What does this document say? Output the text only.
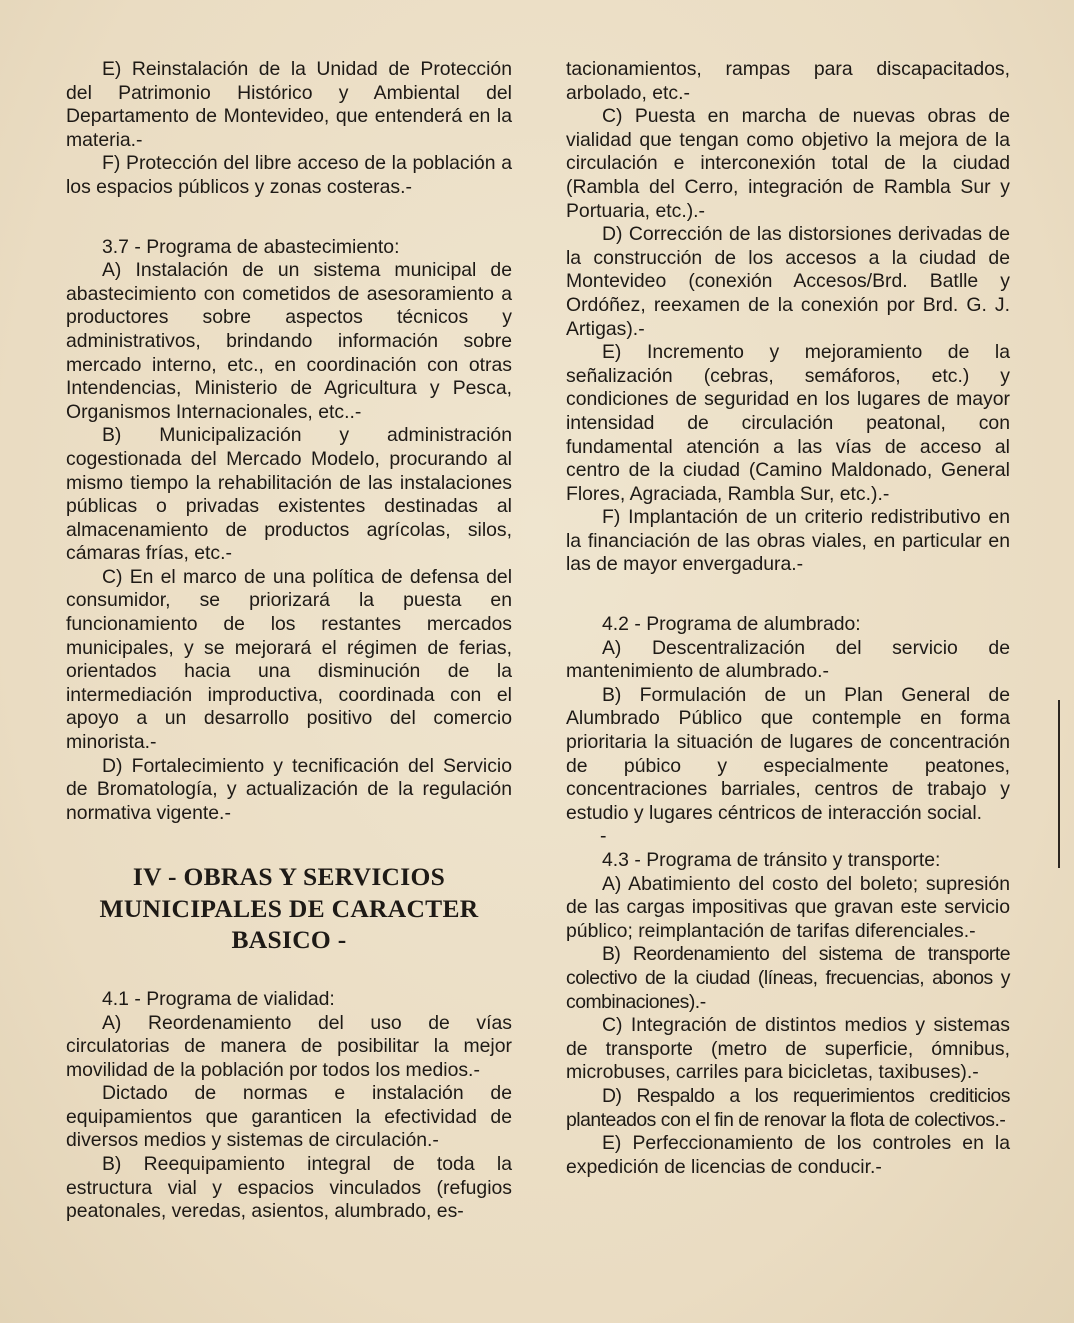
E) Reinstalación de la Unidad de Protección del Patrimonio Histórico y Ambiental del Departamento de Montevideo, que entenderá en la materia.-

F) Protección del libre acceso de la población a los espacios públicos y zonas costeras.-

3.7 - Programa de abastecimiento:

A) Instalación de un sistema municipal de abastecimiento con cometidos de asesoramiento a productores sobre aspectos técnicos y administrativos, brindando información sobre mercado interno, etc., en coordinación con otras Intendencias, Ministerio de Agricultura y Pesca, Organismos Internacionales, etc..-

B) Municipalización y administración cogestionada del Mercado Modelo, procurando al mismo tiempo la rehabilitación de las instalaciones públicas o privadas existentes destinadas al almacenamiento de productos agrícolas, silos, cámaras frías, etc.-

C) En el marco de una política de defensa del consumidor, se priorizará la puesta en funcionamiento de los restantes mercados municipales, y se mejorará el régimen de ferias, orientados hacia una disminución de la intermediación improductiva, coordinada con el apoyo a un desarrollo positivo del comercio minorista.-

D) Fortalecimiento y tecnificación del Servicio de Bromatología, y actualización de la regulación normativa vigente.-

IV - OBRAS Y SERVICIOS

MUNICIPALES DE CARACTER

BASICO -

4.1 - Programa de vialidad:

A) Reordenamiento del uso de vías circulatorias de manera de posibilitar la mejor movilidad de la población por todos los medios.-

Dictado de normas e instalación de equipamientos que garanticen la efectividad de diversos medios y sistemas de circulación.-

B) Reequipamiento integral de toda la estructura vial y espacios vinculados (refugios peatonales, veredas, asientos, alumbrado, es-

tacionamientos, rampas para discapacitados, arbolado, etc.-

C) Puesta en marcha de nuevas obras de vialidad que tengan como objetivo la mejora de la circulación e interconexión total de la ciudad (Rambla del Cerro, integración de Rambla Sur y Portuaria, etc.).-

D) Corrección de las distorsiones derivadas de la construcción de los accesos a la ciudad de Montevideo (conexión Accesos/Brd. Batlle y Ordóñez, reexamen de la conexión por Brd. G. J. Artigas).-

E) Incremento y mejoramiento de la señalización (cebras, semáforos, etc.) y condiciones de seguridad en los lugares de mayor intensidad de circulación peatonal, con fundamental atención a las vías de acceso al centro de la ciudad (Camino Maldonado, General Flores, Agraciada, Rambla Sur, etc.).-

F) Implantación de un criterio redistributivo en la financiación de las obras viales, en particular en las de mayor envergadura.-

4.2 - Programa de alumbrado:

A) Descentralización del servicio de mantenimiento de alumbrado.-

B) Formulación de un Plan General de Alumbrado Público que contemple en forma prioritaria la situación de lugares de concentración de púbico y especialmente peatones, concentraciones barriales, centros de trabajo y estudio y lugares céntricos de interacción social.

-

4.3 - Programa de tránsito y transporte:

A) Abatimiento del costo del boleto; supresión de las cargas impositivas que gravan este servicio público; reimplantación de tarifas diferenciales.-

B) Reordenamiento del sistema de transporte colectivo de la ciudad (líneas, frecuencias, abonos y combinaciones).-

C) Integración de distintos medios y sistemas de transporte (metro de superficie, ómnibus, microbuses, carriles para bicicletas, taxibuses).-

D) Respaldo a los requerimientos crediticios planteados con el fin de renovar la flota de colectivos.-

E) Perfeccionamiento de los controles en la expedición de licencias de conducir.-
